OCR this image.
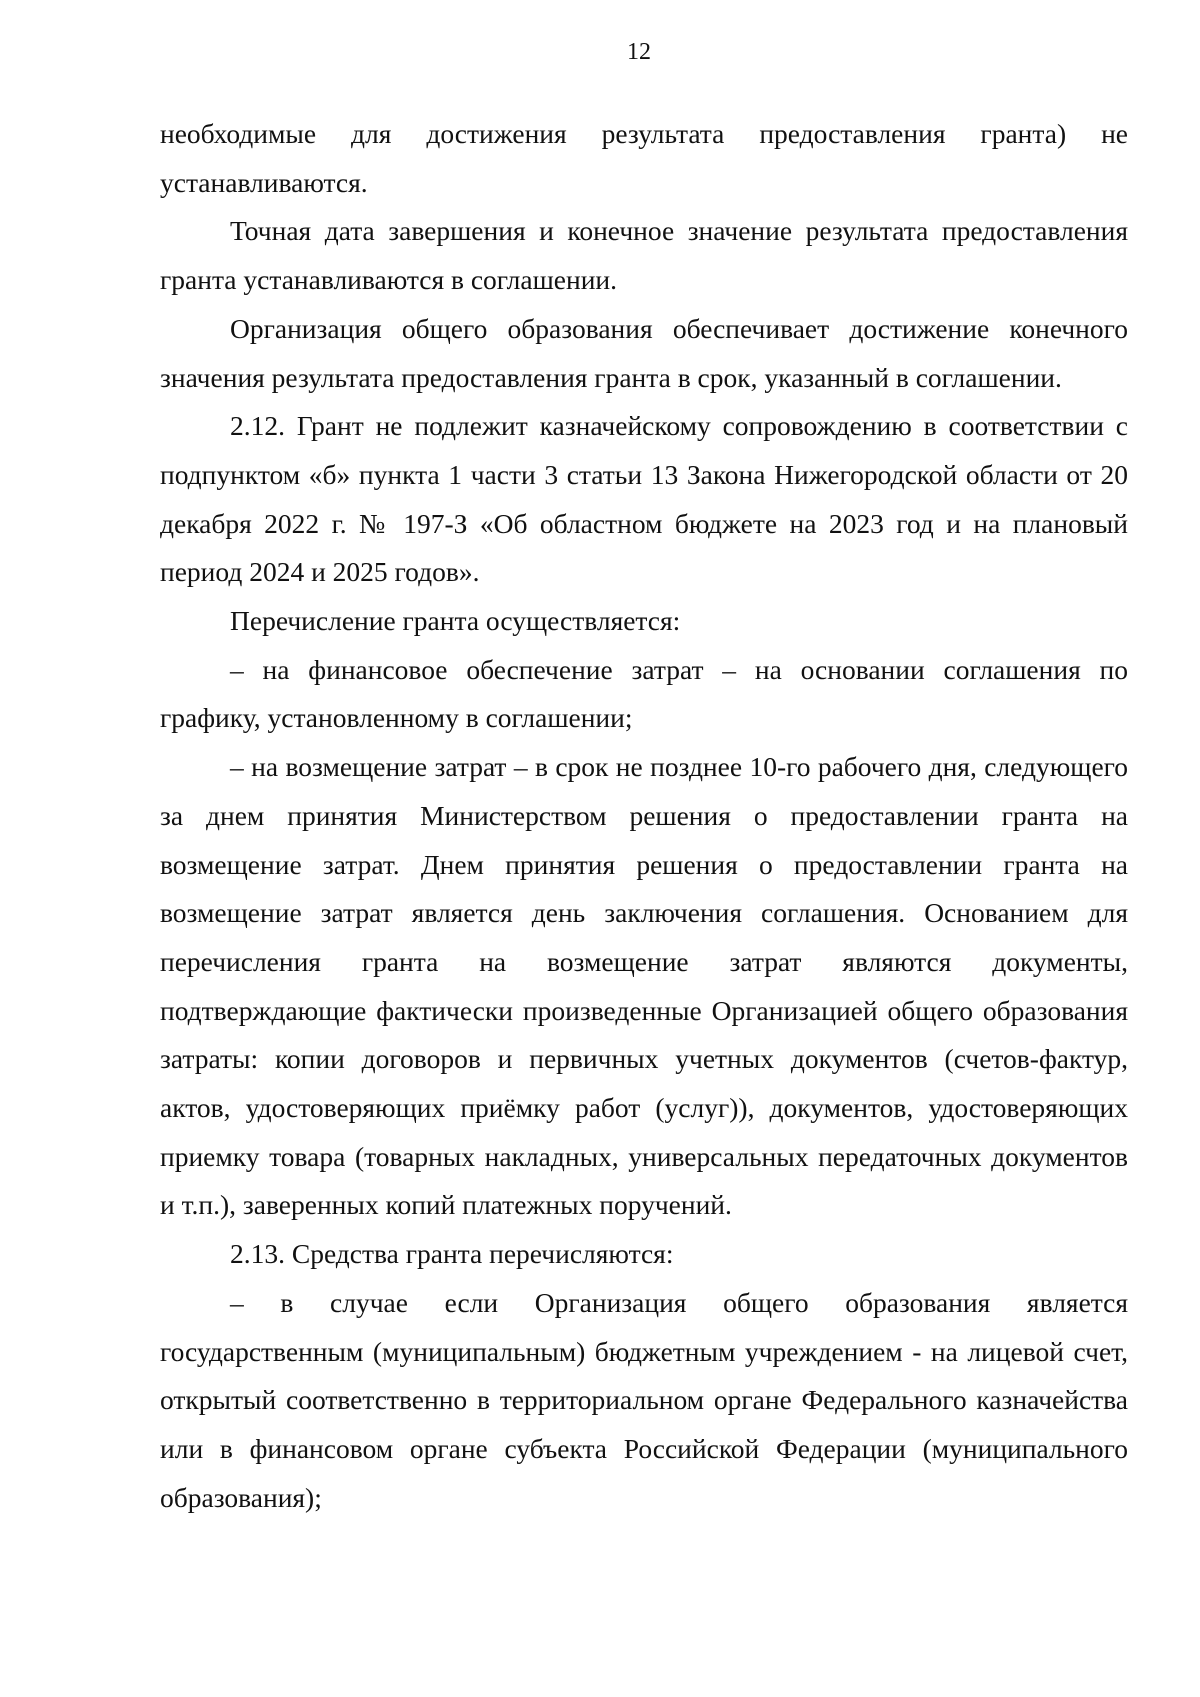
12

необходимые для достижения результата предоставления гранта) не устанавливаются.

Точная дата завершения и конечное значение результата предоставления гранта устанавливаются в соглашении.

Организация общего образования обеспечивает достижение конечного значения результата предоставления гранта в срок, указанный в соглашении.

2.12. Грант не подлежит казначейскому сопровождению в соответствии с подпунктом «б» пункта 1 части 3 статьи 13 Закона Нижегородской области от 20 декабря 2022 г. № 197-З «Об областном бюджете на 2023 год и на плановый период 2024 и 2025 годов».

Перечисление гранта осуществляется:

– на финансовое обеспечение затрат – на основании соглашения по графику, установленному в соглашении;

– на возмещение затрат – в срок не позднее 10-го рабочего дня, следующего за днем принятия Министерством решения о предоставлении гранта на возмещение затрат. Днем принятия решения о предоставлении гранта на возмещение затрат является день заключения соглашения. Основанием для перечисления гранта на возмещение затрат являются документы, подтверждающие фактически произведенные Организацией общего образования затраты: копии договоров и первичных учетных документов (счетов-фактур, актов, удостоверяющих приёмку работ (услуг)), документов, удостоверяющих приемку товара (товарных накладных, универсальных передаточных документов и т.п.), заверенных копий платежных поручений.

2.13. Средства гранта перечисляются:

– в случае если Организация общего образования является государственным (муниципальным) бюджетным учреждением - на лицевой счет, открытый соответственно в территориальном органе Федерального казначейства или в финансовом органе субъекта Российской Федерации (муниципального образования);
